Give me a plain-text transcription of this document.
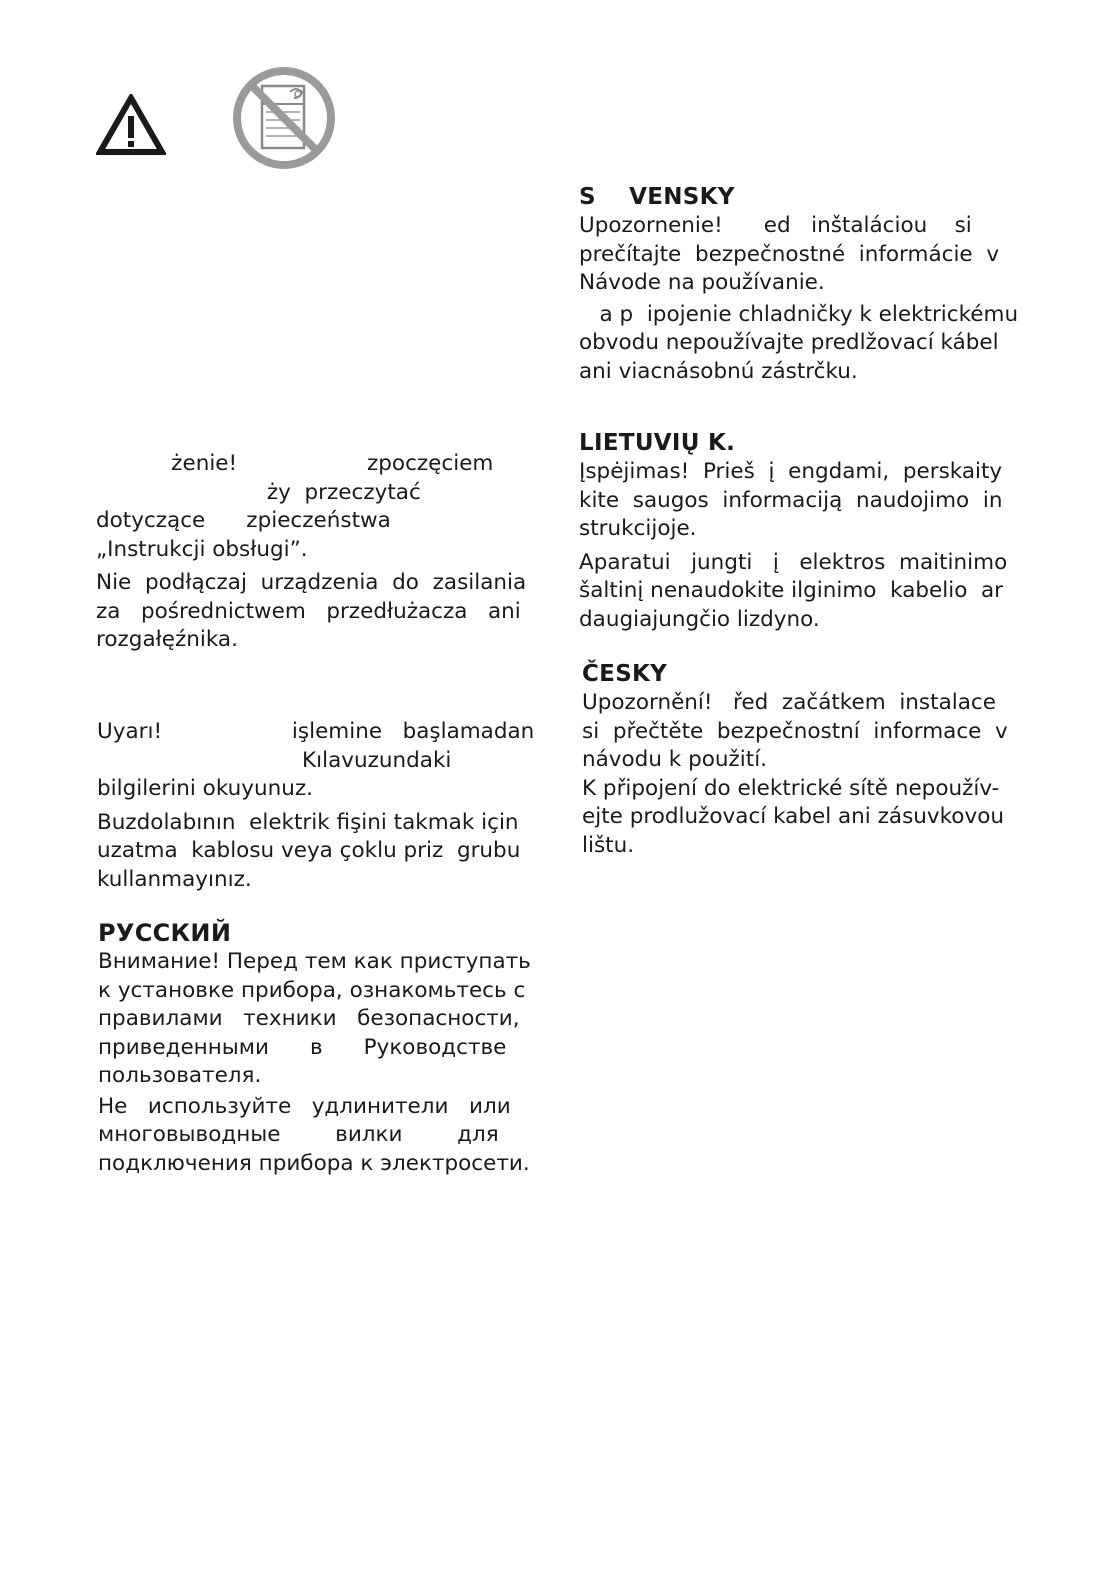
S    VENSKY
Upozornenie!      ed   inštaláciou    si
prečítajte  bezpečnostné  informácie  v
Návode na používanie.
a p  ipojenie chladničky k elektrickému
obvodu nepoužívajte predlžovací kábel
ani viacnásobnú zástrčku.
LIETUVIŲ K.
Įspėjimas!  Prieš  į  engdami,  perskaity
kite  saugos  informaciją  naudojimo  in
strukcijoje.
Aparatui   jungti   į   elektros  maitinimo
šaltinį nenaudokite ilginimo  kabelio  ar
daugiajungčio lizdyno.
ČESKY
Upozornění!   řed  začátkem  instalace
si  přečtěte  bezpečnostní  informace  v
návodu k použití.
K připojení do elektrické sítě nepoužív-
ejte prodlužovací kabel ani zásuvkovou
lištu.
żenie!                   zpoczęciem
ży  przeczytać
dotyczące      zpieczeństwa
„Instrukcji obsługi”.
Nie  podłączaj  urządzenia  do  zasilania
za   pośrednictwem   przedłużacza   ani
rozgałęźnika.
Uyarı!                   işlemine   başlamadan
Kılavuzundaki
bilgilerini okuyunuz.
Buzdolabının  elektrik fişini takmak için
uzatma  kablosu veya çoklu priz  grubu
kullanmayınız.
РУССКИЙ
Внимание! Перед тем как приступать
к установке прибора, ознакомьтесь с
правилами   техники   безопасности,
приведенными      в      Руководстве
пользователя.
Не   используйте   удлинители   или
многовыводные        вилки        для
подключения прибора к электросети.
